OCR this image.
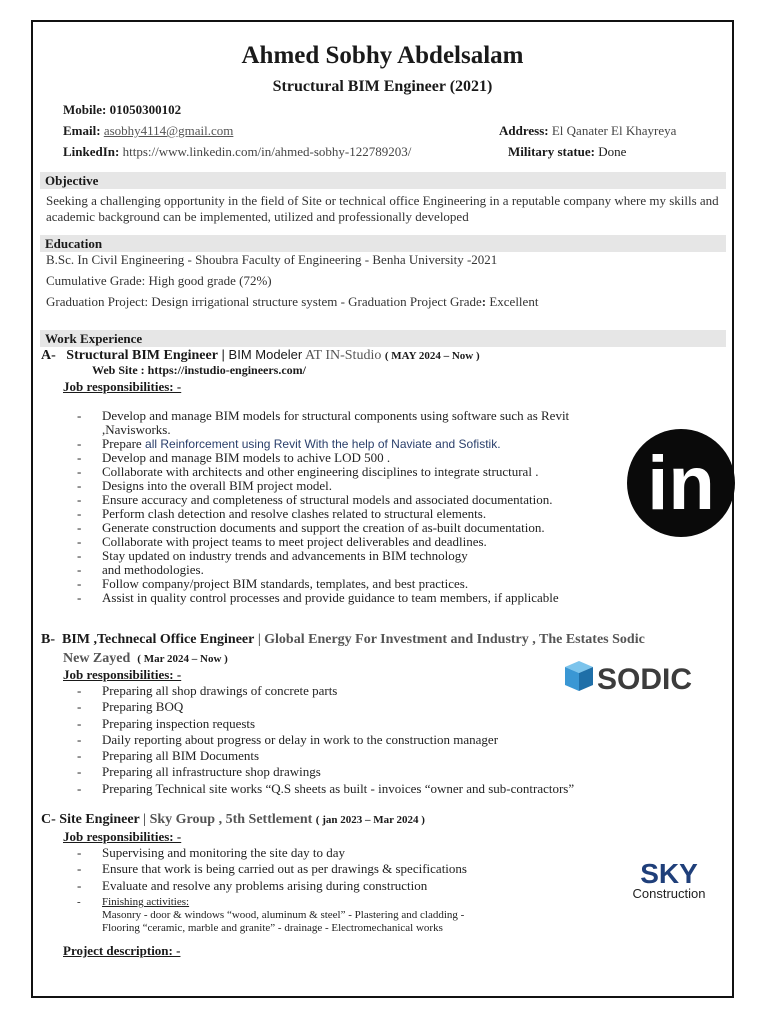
Ahmed Sobhy Abdelsalam
Structural BIM Engineer (2021)
Mobile: 01050300102
Email: asobhy4114@gmail.com	Address: El Qanater El Khayreya
LinkedIn: https://www.linkedin.com/in/ahmed-sobhy-122789203/	Military statue: Done
Objective
Seeking a challenging opportunity in the field of Site or technical office Engineering in a reputable company where my skills and academic background can be implemented, utilized and professionally developed
Education
B.Sc. In Civil Engineering - Shoubra Faculty of Engineering - Benha University -2021
Cumulative Grade: High good grade (72%)
Graduation Project: Design irrigational structure system - Graduation Project Grade: Excellent
Work Experience
A- Structural BIM Engineer | BIM Modeler AT IN-Studio ( MAY 2024 – Now )
Web Site : https://instudio-engineers.com/
Job responsibilities: -
- Develop and manage BIM models for structural components using software such as Revit ,Navisworks.
- Prepare all Reinforcement using Revit With the help of Naviate and Sofistik.
- Develop and manage BIM models to achive LOD 500 .
- Collaborate with architects and other engineering disciplines to integrate structural .
- Designs into the overall BIM project model.
- Ensure accuracy and completeness of structural models and associated documentation.
- Perform clash detection and resolve clashes related to structural elements.
- Generate construction documents and support the creation of as-built documentation.
- Collaborate with project teams to meet project deliverables and deadlines.
- Stay updated on industry trends and advancements in BIM technology
- and methodologies.
- Follow company/project BIM standards, templates, and best practices.
- Assist in quality control processes and provide guidance to team members, if applicable
in
B- BIM ,Technecal Office Engineer | Global Energy For Investment and Industry , The Estates Sodic
New Zayed ( Mar 2024 – Now )
Job responsibilities: -
- Preparing all shop drawings of concrete parts
- Preparing BOQ
- Preparing inspection requests
- Daily reporting about progress or delay in work to the construction manager
- Preparing all BIM Documents
- Preparing all infrastructure shop drawings
- Preparing Technical site works “Q.S sheets as built - invoices “owner and sub-contractors”
SODIC
C- Site Engineer | Sky Group , 5th Settlement ( jan 2023 – Mar 2024 )
Job responsibilities: -
- Supervising and monitoring the site day to day
- Ensure that work is being carried out as per drawings & specifications
- Evaluate and resolve any problems arising during construction
- Finishing activities:
Masonry - door & windows “wood, aluminum & steel” - Plastering and cladding -
Flooring “ceramic, marble and granite” - drainage - Electromechanical works
Project description: -
SKY
Construction
